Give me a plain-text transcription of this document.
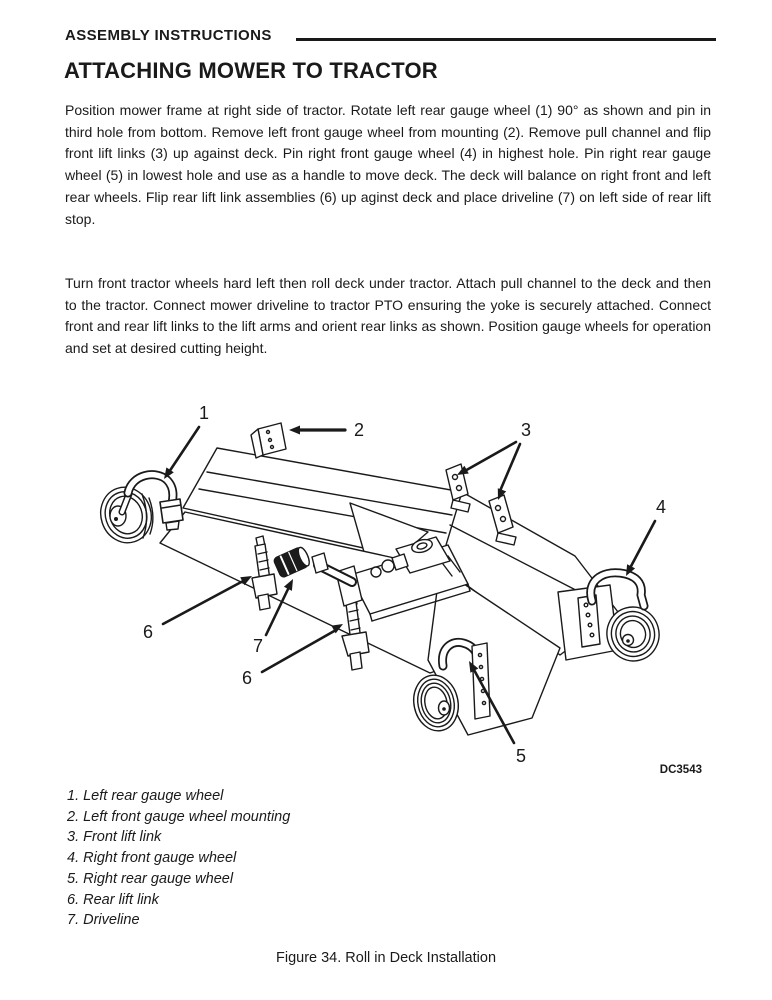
ASSEMBLY INSTRUCTIONS
ATTACHING MOWER TO TRACTOR

Position mower frame at right side of tractor. Rotate left rear gauge wheel (1) 90° as shown and pin in third hole from bottom. Remove left front gauge wheel from mounting (2). Remove pull channel and flip front lift links (3) up against deck. Pin right front gauge wheel (4) in highest hole. Pin right rear gauge wheel (5) in lowest hole and use as a handle to move deck. The deck will balance on right front and left rear wheels. Flip rear lift link assemblies (6) up aginst deck and place driveline (7) on left side of rear lift stop.

Turn front tractor wheels hard left then roll deck under tractor. Attach pull channel to the deck and then to the tractor. Connect mower driveline to tractor PTO ensuring the yoke is securely attached. Connect front and rear lift links to the lift arms and orient rear links as shown. Position gauge wheels for operation and set at desired cutting height.

1
2	3
4
5
6
7
6
DC3543
1. Left rear gauge wheel
2. Left front gauge wheel mounting
3. Front lift link
4. Right front gauge wheel
5. Right rear gauge wheel
6. Rear lift link
7. Driveline
Figure 34. Roll in Deck Installation
